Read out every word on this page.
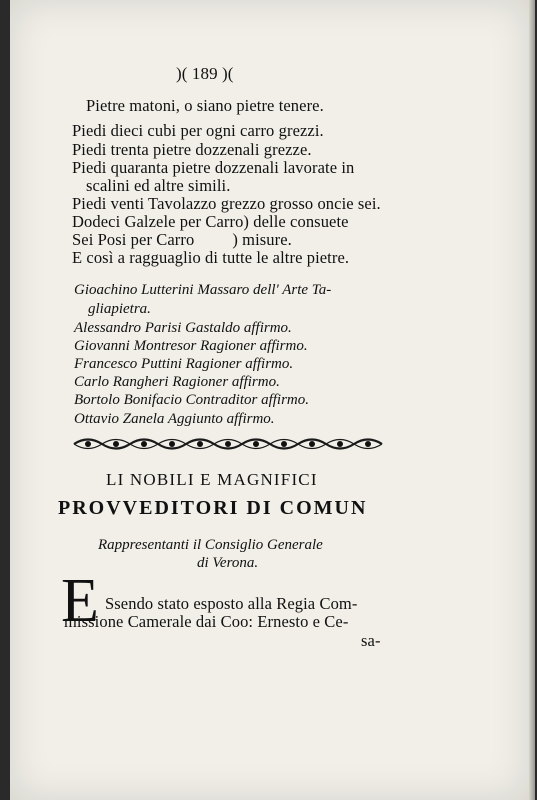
)( 189 )(
Pietre matoni, o siano pietre tenere.
Piedi dieci cubi per ogni carro grezzi.
Piedi trenta pietre dozzenali grezze.
Piedi quaranta pietre dozzenali lavorate in
scalini ed altre simili.
Piedi venti Tavolazzo grezzo grosso oncie sei.
Dodeci Galzele per Carro) delle consuete
Sei Posi per Carro         ) misure.
E così a ragguaglio di tutte le altre pietre.
Gioachino Lutterini Massaro dell' Arte Ta-
gliapietra.
Alessandro Parisi Gastaldo affirmo.
Giovanni Montresor Ragioner affirmo.
Francesco Puttini Ragioner affirmo.
Carlo Rangheri Ragioner affirmo.
Bortolo Bonifacio Contraditor affirmo.
Ottavio Zanela Aggiunto affirmo.
LI NOBILI E MAGNIFICI
PROVVEDITORI DI COMUN
Rappresentanti il Consiglio Generale
di Verona.
E Ssendo stato esposto alla Regia Com-
missione Camerale dai Coo: Ernesto e Ce-
sa-
